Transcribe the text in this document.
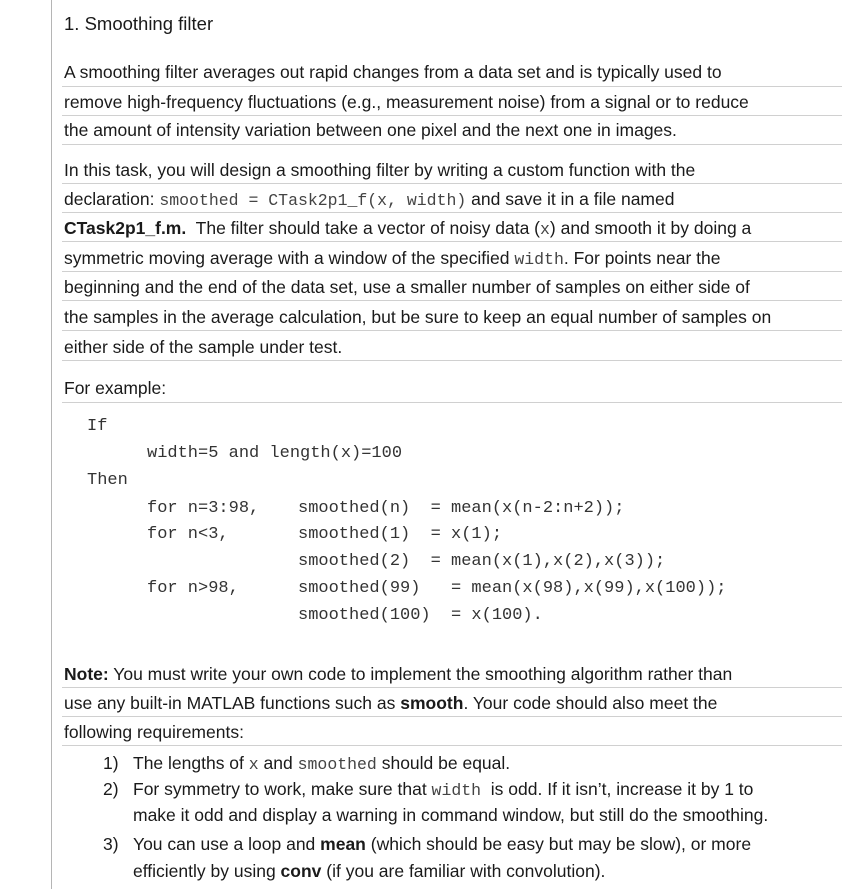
1. Smoothing filter
A smoothing filter averages out rapid changes from a data set and is typically used to
remove high-frequency fluctuations (e.g., measurement noise) from a signal or to reduce
the amount of intensity variation between one pixel and the next one in images.
In this task, you will design a smoothing filter by writing a custom function with the
declaration: smoothed = CTask2p1_f(x, width) and save it in a file named
CTask2p1_f.m.  The filter should take a vector of noisy data (x) and smooth it by doing a
symmetric moving average with a window of the specified width. For points near the
beginning and the end of the data set, use a smaller number of samples on either side of
the samples in the average calculation, but be sure to keep an equal number of samples on
either side of the sample under test.
For example:
If
width=5 and length(x)=100
Then
for n=3:98, smoothed(n)  = mean(x(n-2:n+2));
for n<3,	smoothed(1)  = x(1);
smoothed(2)  = mean(x(1),x(2),x(3));
for n>98,	smoothed(99)   = mean(x(98),x(99),x(100));
smoothed(100)  = x(100).
Note: You must write your own code to implement the smoothing algorithm rather than
use any built-in MATLAB functions such as smooth. Your code should also meet the
following requirements:
1) The lengths of x and smoothed should be equal.
2) For symmetry to work, make sure that width  is odd. If it isn’t, increase it by 1 to
make it odd and display a warning in command window, but still do the smoothing.
3) You can use a loop and mean (which should be easy but may be slow), or more
efficiently by using conv (if you are familiar with convolution).
